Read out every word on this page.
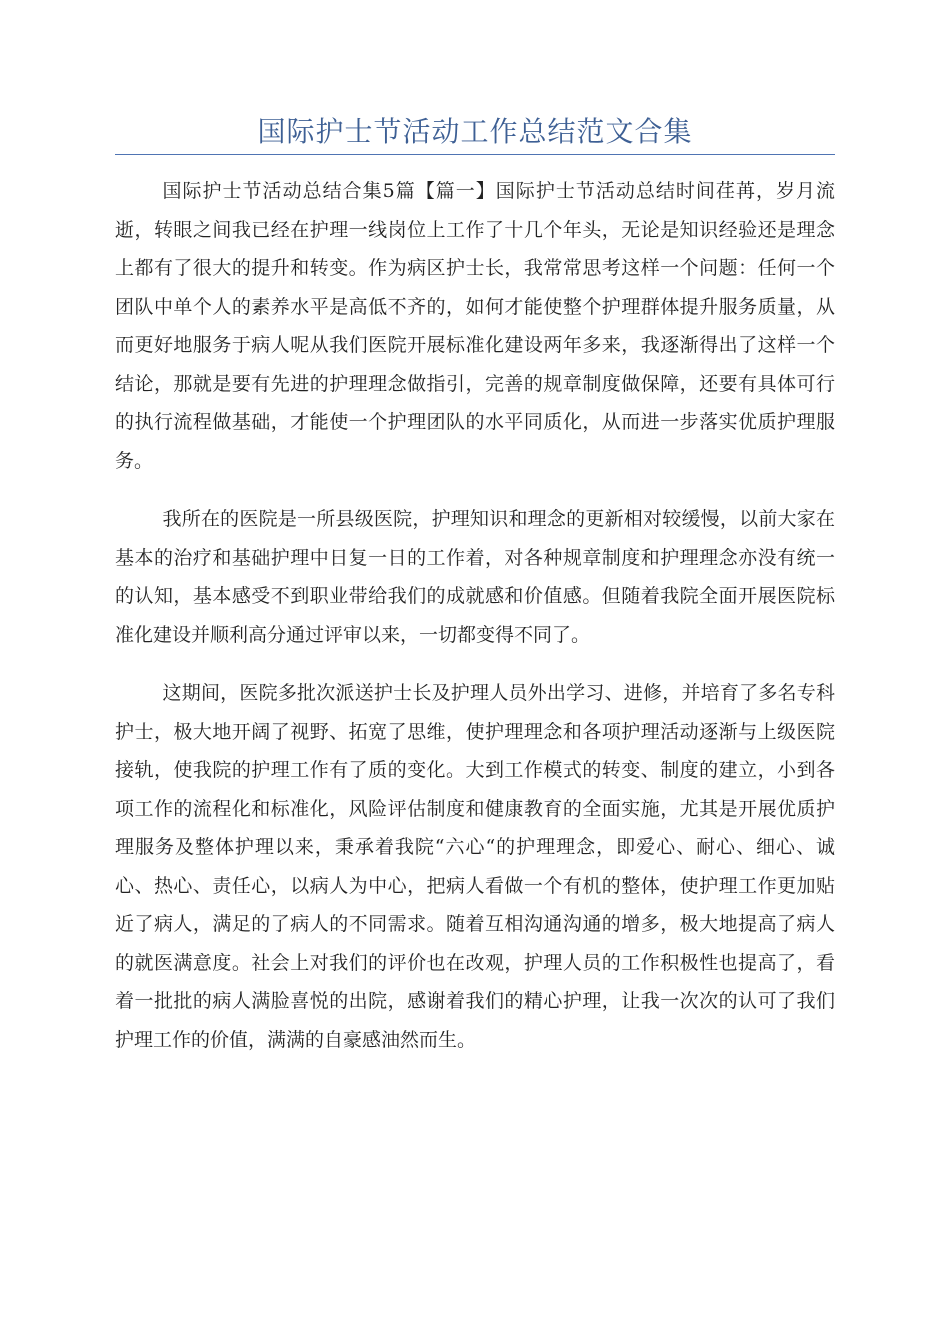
国际护士节活动工作总结范文合集

国际护士节活动总结合集5篇【篇一】国际护士节活动总结时间荏苒，岁月流逝，转眼之间我已经在护理一线岗位上工作了十几个年头，无论是知识经验还是理念上都有了很大的提升和转变。作为病区护士长，我常常思考这样一个问题：任何一个团队中单个人的素养水平是高低不齐的，如何才能使整个护理群体提升服务质量，从而更好地服务于病人呢从我们医院开展标准化建设两年多来，我逐渐得出了这样一个结论，那就是要有先进的护理理念做指引，完善的规章制度做保障，还要有具体可行的执行流程做基础，才能使一个护理团队的水平同质化，从而进一步落实优质护理服务。

我所在的医院是一所县级医院，护理知识和理念的更新相对较缓慢，以前大家在基本的治疗和基础护理中日复一日的工作着，对各种规章制度和护理理念亦没有统一的认知，基本感受不到职业带给我们的成就感和价值感。但随着我院全面开展医院标准化建设并顺利高分通过评审以来，一切都变得不同了。

这期间，医院多批次派送护士长及护理人员外出学习、进修，并培育了多名专科护士，极大地开阔了视野、拓宽了思维，使护理理念和各项护理活动逐渐与上级医院接轨，使我院的护理工作有了质的变化。大到工作模式的转变、制度的建立，小到各项工作的流程化和标准化，风险评估制度和健康教育的全面实施，尤其是开展优质护理服务及整体护理以来，秉承着我院“六心“的护理理念，即爱心、耐心、细心、诚心、热心、责任心，以病人为中心，把病人看做一个有机的整体，使护理工作更加贴近了病人，满足的了病人的不同需求。随着互相沟通沟通的增多，极大地提高了病人的就医满意度。社会上对我们的评价也在改观，护理人员的工作积极性也提高了，看着一批批的病人满脸喜悦的出院，感谢着我们的精心护理，让我一次次的认可了我们护理工作的价值，满满的自豪感油然而生。
